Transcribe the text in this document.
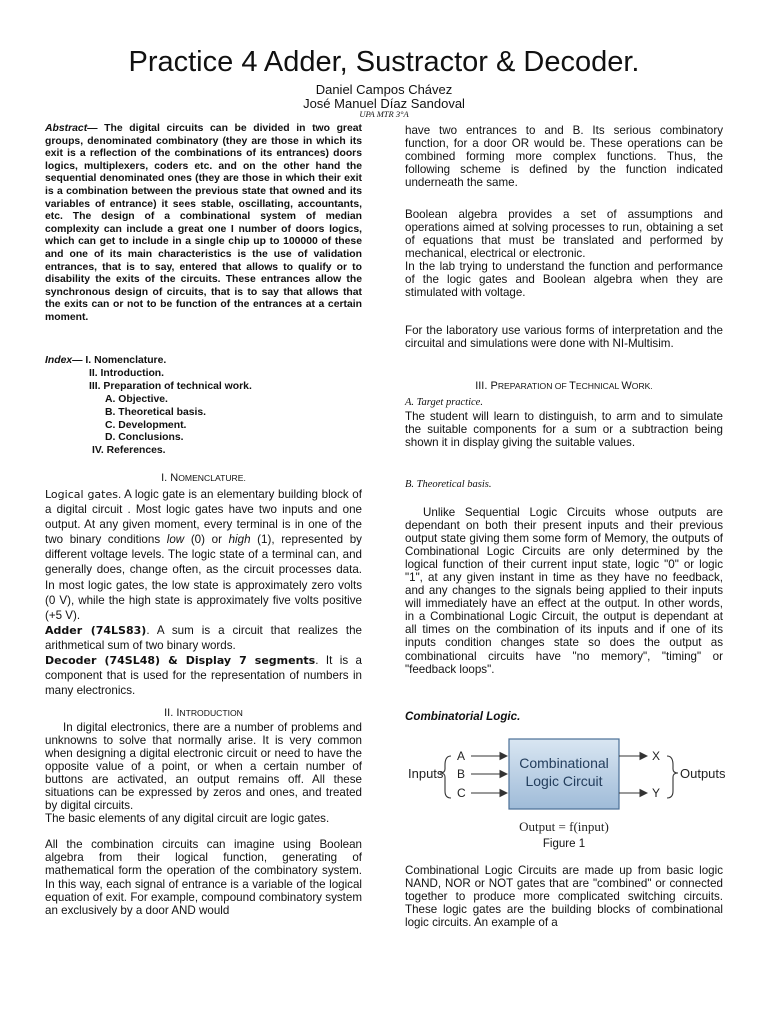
Practice 4 Adder, Sustractor & Decoder.
Daniel Campos Chávez
José Manuel Díaz Sandoval
UPA MTR 3°A
Abstract— The digital circuits can be divided in two great groups, denominated combinatory (they are those in which its exit is a reflection of the combinations of its entrances) doors logics, multiplexers, coders etc. and on the other hand the sequential denominated ones (they are those in which their exit is a combination between the previous state that owned and its variables of entrance) it sees stable, oscillating, accountants, etc. The design of a combinational system of median complexity can include a great one I number of doors logics, which can get to include in a single chip up to 100000 of these and one of its main characteristics is the use of validation entrances, that is to say, entered that allows to qualify or to disability the exits of the circuits. These entrances allow the synchronous design of circuits, that is to say that allows that the exits can or not to be function of the entrances at a certain moment.
Index— I. Nomenclature.
II. Introduction.
III. Preparation of technical work.
A. Objective.
B. Theoretical basis.
C. Development.
D. Conclusions.
IV. References.
I. NOMENCLATURE.

Logical gates. A logic gate is an elementary building block of a digital circuit . Most logic gates have two inputs and one output. At any given moment, every terminal is in one of the two binary conditions low (0) or high (1), represented by different voltage levels. The logic state of a terminal can, and generally does, change often, as the circuit processes data. In most logic gates, the low state is approximately zero volts (0 V), while the high state is approximately five volts positive (+5 V).

Adder (74LS83). A sum is a circuit that realizes the arithmetical sum of two binary words.

Decoder (74SL48) & Display 7 segments. It is a component that is used for the representation of numbers in many electronics.

II. INTRODUCTION

In digital electronics, there are a number of problems and unknowns to solve that normally arise. It is very common when designing a digital electronic circuit or need to have the opposite value of a point, or when a certain number of buttons are activated, an output remains off. All these situations can be expressed by zeros and ones, and treated by digital circuits.

The basic elements of any digital circuit are logic gates.

All the combination circuits can imagine using Boolean algebra from their logical function, generating of mathematical form the operation of the combinatory system. In this way, each signal of entrance is a variable of the logical equation of exit. For example, compound combinatory system an exclusively by a door AND would

have two entrances to and B. Its serious combinatory function, for a door OR would be. These operations can be combined forming more complex functions. Thus, the following scheme is defined by the function indicated underneath the same.

Boolean algebra provides a set of assumptions and operations aimed at solving processes to run, obtaining a set of equations that must be translated and performed by mechanical, electrical or electronic.

In the lab trying to understand the function and performance of the logic gates and Boolean algebra when they are stimulated with voltage.

For the laboratory use various forms of interpretation and the circuital and simulations were done with NI-Multisim.
III. PREPARATION OF TECHNICAL WORK.
A. Target practice.
The student will learn to distinguish, to arm and to simulate the suitable components for a sum or a subtraction being shown it in display giving the suitable values.
B. Theoretical basis.
Unlike Sequential Logic Circuits whose outputs are dependant on both their present inputs and their previous output state giving them some form of Memory, the outputs of Combinational Logic Circuits are only determined by the logical function of their current input state, logic "0" or logic "1", at any given instant in time as they have no feedback, and any changes to the signals being applied to their inputs will immediately have an effect at the output. In other words, in a Combinational Logic Circuit, the output is dependant at all times on the combination of its inputs and if one of its inputs condition changes state so does the output as combinational circuits have "no memory", "timing" or "feedback loops".
Combinatorial Logic.
Combinational Logic Circuits are made up from basic logic NAND, NOR or NOT gates that are "combined" or connected together to produce more complicated switching circuits. These logic gates are the building blocks of combinational logic circuits. An example of a
Inputs
A
B
C
Combinational
Logic Circuit
X
Y
Outputs
Output = f(input)
Figure 1
